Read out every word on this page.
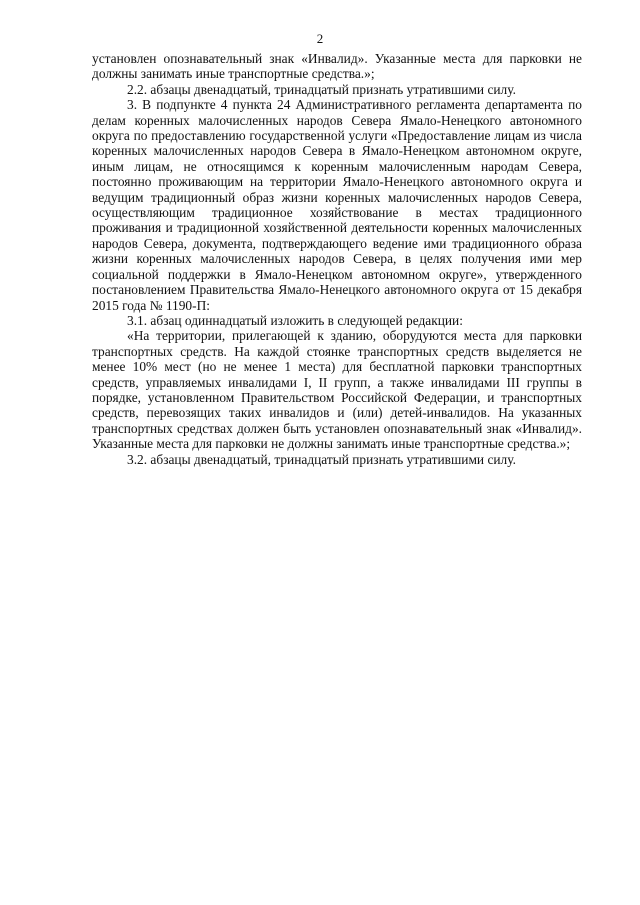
2

установлен опознавательный знак «Инвалид». Указанные места для парковки не должны занимать иные транспортные средства.»;

2.2. абзацы двенадцатый, тринадцатый признать утратившими силу.

3. В подпункте 4 пункта 24 Административного регламента департамента по делам коренных малочисленных народов Севера Ямало-Ненецкого автономного округа по предоставлению государственной услуги «Предоставление лицам из числа коренных малочисленных народов Севера в Ямало-Ненецком автономном округе, иным лицам, не относящимся к коренным малочисленным народам Севера, постоянно проживающим на территории Ямало-Ненецкого автономного округа и ведущим традиционный образ жизни коренных малочисленных народов Севера, осуществляющим традиционное хозяйствование в местах традиционного проживания и традиционной хозяйственной деятельности коренных малочисленных народов Севера, документа, подтверждающего ведение ими традиционного образа жизни коренных малочисленных народов Севера, в целях получения ими мер социальной поддержки в Ямало-Ненецком автономном округе», утвержденного постановлением Правительства Ямало-Ненецкого автономного округа от 15 декабря 2015 года № 1190-П:

3.1. абзац одиннадцатый изложить в следующей редакции:

«На территории, прилегающей к зданию, оборудуются места для парковки транспортных средств. На каждой стоянке транспортных средств выделяется не менее 10% мест (но не менее 1 места) для бесплатной парковки транспортных средств, управляемых инвалидами I, II групп, а также инвалидами III группы в порядке, установленном Правительством Российской Федерации, и транспортных средств, перевозящих таких инвалидов и (или) детей-инвалидов. На указанных транспортных средствах должен быть установлен опознавательный знак «Инвалид». Указанные места для парковки не должны занимать иные транспортные средства.»;

3.2. абзацы двенадцатый, тринадцатый признать утратившими силу.
